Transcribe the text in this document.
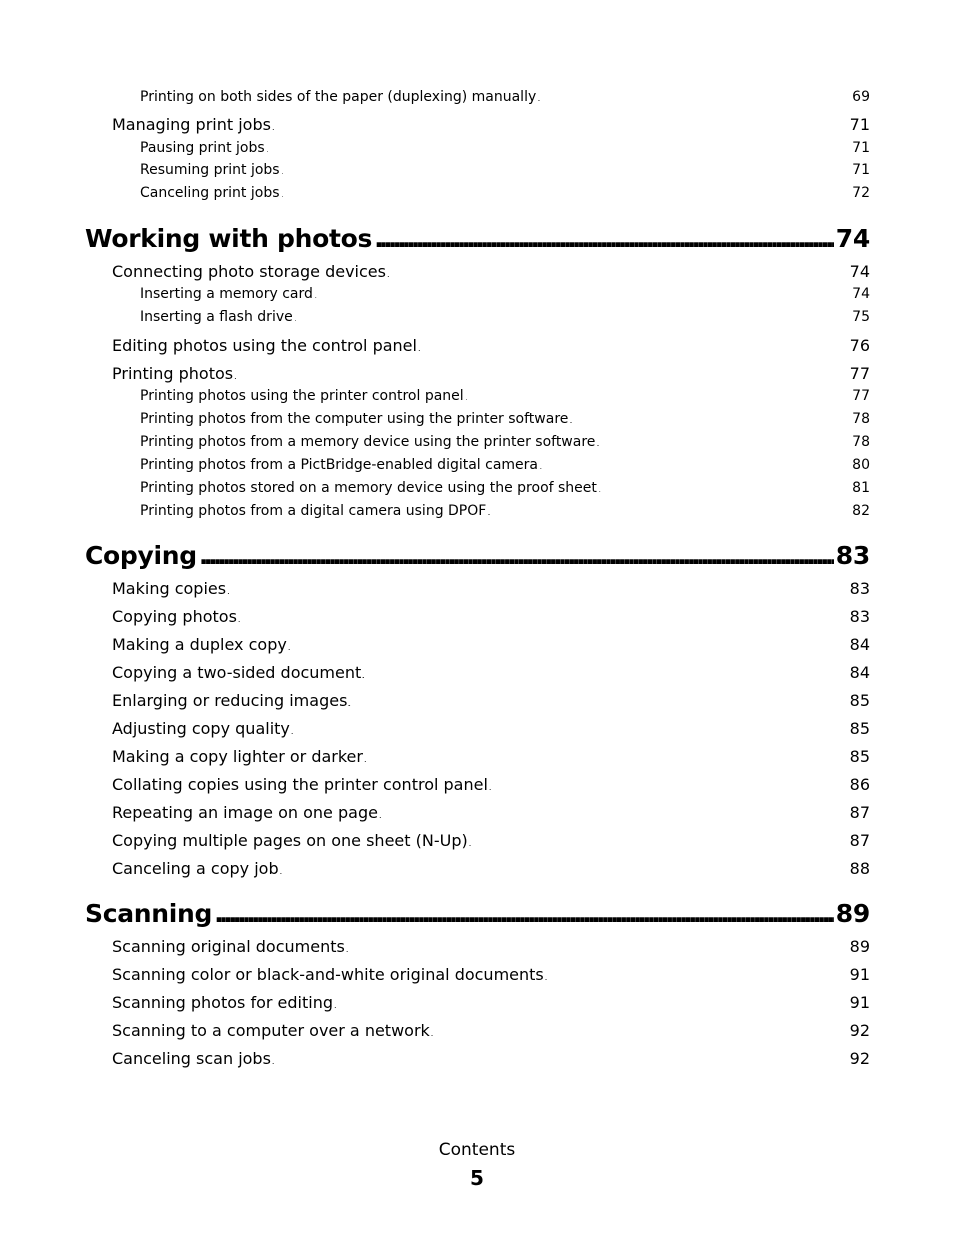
Printing on both sides of the paper (duplexing) manually . . .	69
Managing print jobs . . .	71
Pausing print jobs . . .	71
Resuming print jobs . . .	71
Canceling print jobs . . .	72
Working with photos . . .	74
Connecting photo storage devices . . .	74
Inserting a memory card . . .	74
Inserting a flash drive . . .	75
Editing photos using the control panel . . .	76
Printing photos . . .	77
Printing photos using the printer control panel . . .	77
Printing photos from the computer using the printer software . . .	78
Printing photos from a memory device using the printer software . . .	78
Printing photos from a PictBridge-enabled digital camera . . .	80
Printing photos stored on a memory device using the proof sheet . . .	81
Printing photos from a digital camera using DPOF . . .	82
Copying . . .	83
Making copies . . .	83
Copying photos . . .	83
Making a duplex copy . . .	84
Copying a two-sided document . . .	84
Enlarging or reducing images . . .	85
Adjusting copy quality . . .	85
Making a copy lighter or darker . . .	85
Collating copies using the printer control panel . . .	86
Repeating an image on one page . . .	87
Copying multiple pages on one sheet (N-Up) . . .	87
Canceling a copy job . . .	88
Scanning . . .	89
Scanning original documents . . .	89
Scanning color or black-and-white original documents . . .	91
Scanning photos for editing . . .	91
Scanning to a computer over a network . . .	92
Canceling scan jobs . . .	92
Contents
5
